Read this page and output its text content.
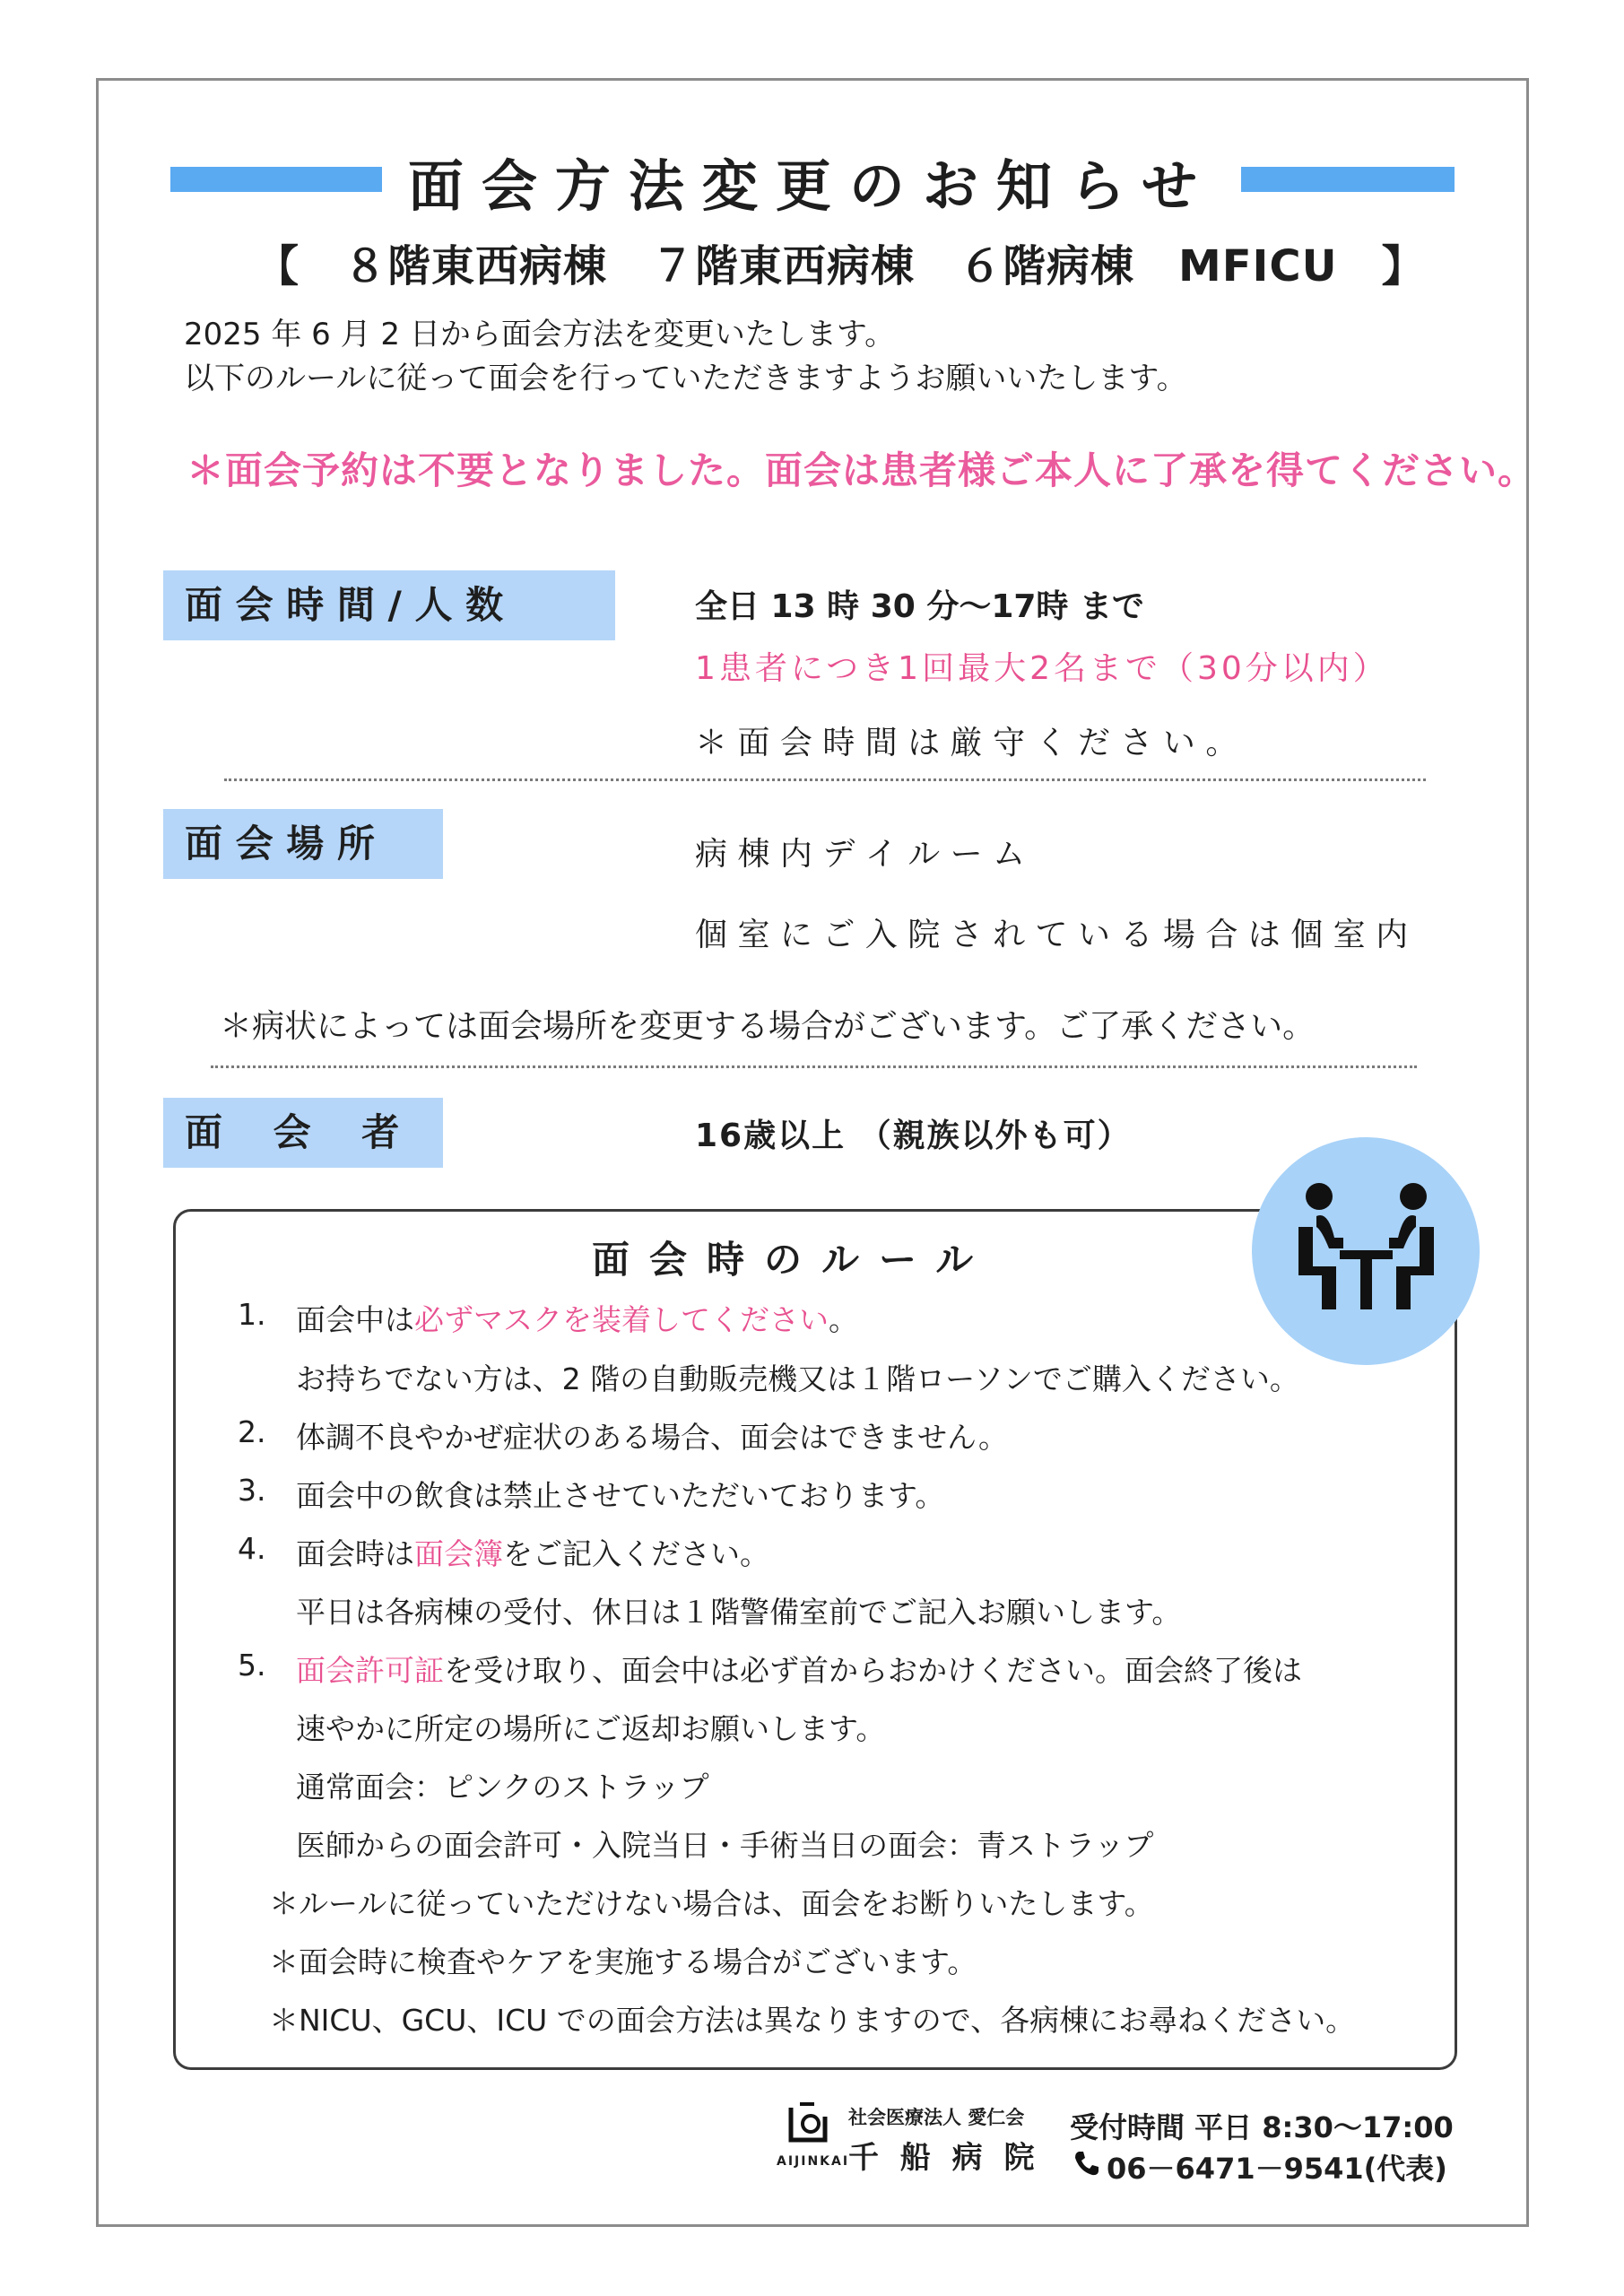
面会方法変更のお知らせ
【　８階東西病棟　７階東西病棟　６階病棟　MFICU　】
2025 年 6 月 2 日から面会方法を変更いたします。
以下のルールに従って面会を行っていただきますようお願いいたします。
＊面会予約は不要となりました。面会は患者様ご本人に了承を得てください。
面 会 時 間 / 人 数	全日 13 時 30 分～17時 まで
1患者につき1回最大2名まで（30分以内）
＊ 面 会 時 間 は 厳 守 く だ さ い 。
面 会 場 所	病 棟 内 デ イ ル ー ム
個 室 に ご 入 院 さ れ て い る 場 合 は 個 室 内
＊病状によっては面会場所を変更する場合がございます。ご了承ください。
面　 会　 者	16歳以上 （親族以外も可）
面会時のルール
1. 面会中は必ずマスクを装着してください。
お持ちでない方は、2 階の自動販売機又は１階ローソンでご購入ください。
2. 体調不良やかぜ症状のある場合、面会はできません。
3. 面会中の飲食は禁止させていただいております。
4. 面会時は面会簿をご記入ください。
平日は各病棟の受付、休日は１階警備室前でご記入お願いします。
5. 面会許可証を受け取り、面会中は必ず首からおかけください。面会終了後は
速やかに所定の場所にご返却お願いします。
通常面会：ピンクのストラップ
医師からの面会許可・入院当日・手術当日の面会：青ストラップ
＊ルールに従っていただけない場合は、面会をお断りいたします。
＊面会時に検査やケアを実施する場合がございます。
＊NICU、GCU、ICU での面会方法は異なりますので、各病棟にお尋ねください。
AIJINKAI
社会医療法人 愛仁会
千 船 病 院
受付時間 平日 8:30～17:00
06－6471－9541(代表)
